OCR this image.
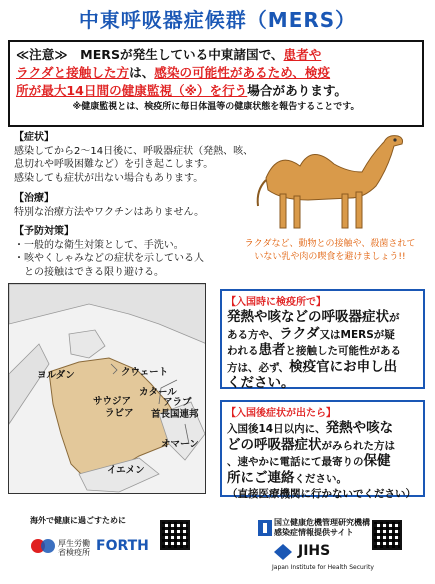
中東呼吸器症候群（MERS）
≪注意≫　MERSが発生している中東諸国で、患者や
ラクダと接触した方は、感染の可能性があるため、検疫
所が最大14日間の健康監視（※）を行う場合があります。
※健康監視とは、検疫所に毎日体温等の健康状態を報告することです。
【症状】
感染してから2～14日後に、呼吸器症状（発熱、咳、
息切れや呼吸困難など）を引き起こします。
感染しても症状が出ない場合もあります。
【治療】
特別な治療方法やワクチンはありません。
【予防対策】
・一般的な衛生対策として、手洗い。
・咳やくしゃみなどの症状を示している人
　との接触はできる限り避ける。
ラクダなど、動物との接触や、殺菌されて
いない乳や肉の喫食を避けましょう!!
ヨルダン	クウェート
カタール
サウジア
ラビア
アラブ
首長国連邦
オマーン
イエメン
【入国時に検疫所で】
発熱や咳などの呼吸器症状が
ある方や、ラクダ又はMERSが疑
われる患者と接触した可能性がある
方は、必ず、検疫官にお申し出
ください。
【入国後症状が出たら】
入国後14日以内に、発熱や咳な
どの呼吸器症状がみられた方は
、速やかに電話にて最寄りの保健
所にご連絡ください。
（直接医療機関に行かないでください）
海外で健康に過ごすために
厚生労働省検疫所 FORTH
国立健康危機管理研究機構
感染症情報提供サイト
JIHS
Japan Institute for Health Security
